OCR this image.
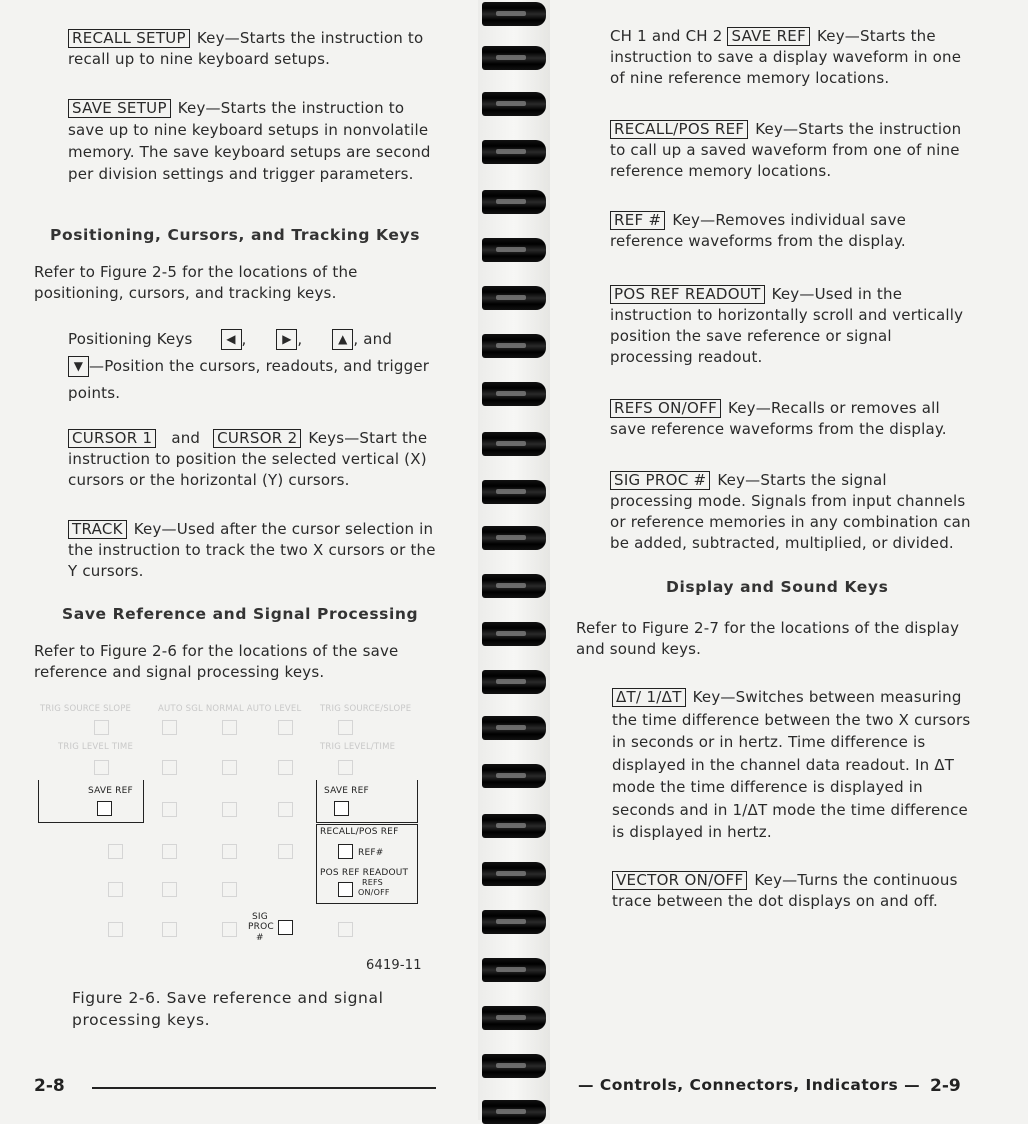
RECALL SETUP Key—Starts the instruction to recall up to nine keyboard setups.
SAVE SETUP Key—Starts the instruction to save up to nine keyboard setups in nonvolatile memory. The save keyboard setups are second per division settings and trigger parameters.
Positioning, Cursors, and Tracking Keys
Refer to Figure 2-5 for the locations of the positioning, cursors, and tracking keys.
Positioning Keys	◀ ,	▶ ,	▲ , and
▼ —Position the cursors, readouts, and trigger points.
CURSOR 1 and CURSOR 2 Keys—Start the instruction to position the selected vertical (X) cursors or the horizontal (Y) cursors.
TRACK Key—Used after the cursor selection in the instruction to track the two X cursors or the Y cursors.
Save Reference and Signal Processing
Refer to Figure 2-6 for the locations of the save reference and signal processing keys.
TRIG SOURCE SLOPE	AUTO SGL NORMAL AUTO LEVEL TRIG SOURCE/SLOPE
TRIG LEVEL TIME	TRIG LEVEL/TIME
SAVE REF	SAVE REF
RECALL/POS REF
REF#
POS REF READOUT
REFS
ON/OFF
SIG
PROC
#
6419-11
Figure 2-6. Save reference and signal processing keys.
2-8
CH 1 and CH 2 SAVE REF Key—Starts the instruction to save a display waveform in one of nine reference memory locations.
RECALL/POS REF Key—Starts the instruction to call up a saved waveform from one of nine reference memory locations.
REF # Key—Removes individual save reference waveforms from the display.
POS REF READOUT Key—Used in the instruction to horizontally scroll and vertically position the save reference or signal processing readout.
REFS ON/OFF Key—Recalls or removes all save reference waveforms from the display.
SIG PROC # Key—Starts the signal processing mode. Signals from input channels or reference memories in any combination can be added, subtracted, multiplied, or divided.
Display and Sound Keys
Refer to Figure 2-7 for the locations of the display and sound keys.
ΔT/ 1/ΔT Key—Switches between measuring the time difference between the two X cursors in seconds or in hertz. Time difference is displayed in the channel data readout. In ΔT mode the time difference is displayed in seconds and in 1/ΔT mode the time difference is displayed in hertz.
VECTOR ON/OFF Key—Turns the continuous trace between the dot displays on and off.
— Controls, Connectors, Indicators — 2-9
